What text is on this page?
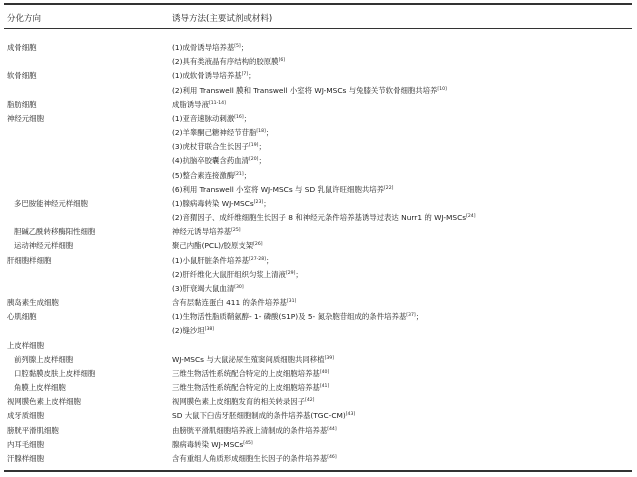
分化方向	诱导方法(主要试剂或材料)
成骨细胞	(1)成骨诱导培养基[5]；
(2)具有类液晶有序结构的胶原膜[6]
软骨细胞	(1)成软骨诱导培养基[7]；
(2)利用 Transwell 膜和 Transwell 小室将 WJ-MSCs 与兔膝关节软骨细胞共培养[10]
脂肪细胞	成脂诱导液[11-14]
神经元细胞	(1)亚音速脉动刺激[16]；
(2)羊睾酮己糖神经节苷脂[18]；
(3)虎杖苷联合生长因子[19]；
(4)抗脑卒胶囊含药血清[20]；
(5)整合素连接激酶[21]；
(6)利用 Transwell 小室将 WJ-MSCs 与 SD 乳鼠许旺细胞共培养[22]
多巴胺能神经元样细胞	(1)腺病毒转染 WJ-MSCs[23]；
(2)音猬因子、成纤维细胞生长因子 8 和神经元条件培养基诱导过表达 Nurr1 的 WJ-MSCs[24]
胆碱乙酰转移酶阳性细胞	神经元诱导培养基[25]
运动神经元样细胞	聚己内酯(PCL)/胶原支架[26]
肝细胞样细胞	(1)小鼠肝脏条件培养基[27-28]；
(2)肝纤维化大鼠肝组织匀浆上清液[29]；
(3)肝衰竭大鼠血清[30]
胰岛素生成细胞	含有层黏连蛋白 411 的条件培养基[31]
心肌细胞	(1)生物活性脂质鞘氨醇- 1- 磷酸(S1P)及 5- 氮杂胞苷组成的条件培养基[37]；
(2)缝沙坦[38]
上皮样细胞
前列腺上皮样细胞	WJ-MSCs 与大鼠泌尿生殖窦间质细胞共同移植[39]
口腔黏膜皮肤上皮样细胞	三维生物活性系统配合特定的上皮细胞培养基[40]
角膜上皮样细胞	三维生物活性系统配合特定的上皮细胞培养基[41]
视网膜色素上皮样细胞	视网膜色素上皮细胞发育的相关转录因子[42]
成牙质细胞	SD 大鼠下臼齿牙胚细胞制成的条件培养基(TGC-CM)[43]
膀胱平滑肌细胞	由膀胱平滑肌细胞培养液上清制成的条件培养基[44]
内耳毛细胞	腺病毒转染 WJ-MSCs[45]
汗腺样细胞	含有重组人角质形成细胞生长因子的条件培养基[46]
